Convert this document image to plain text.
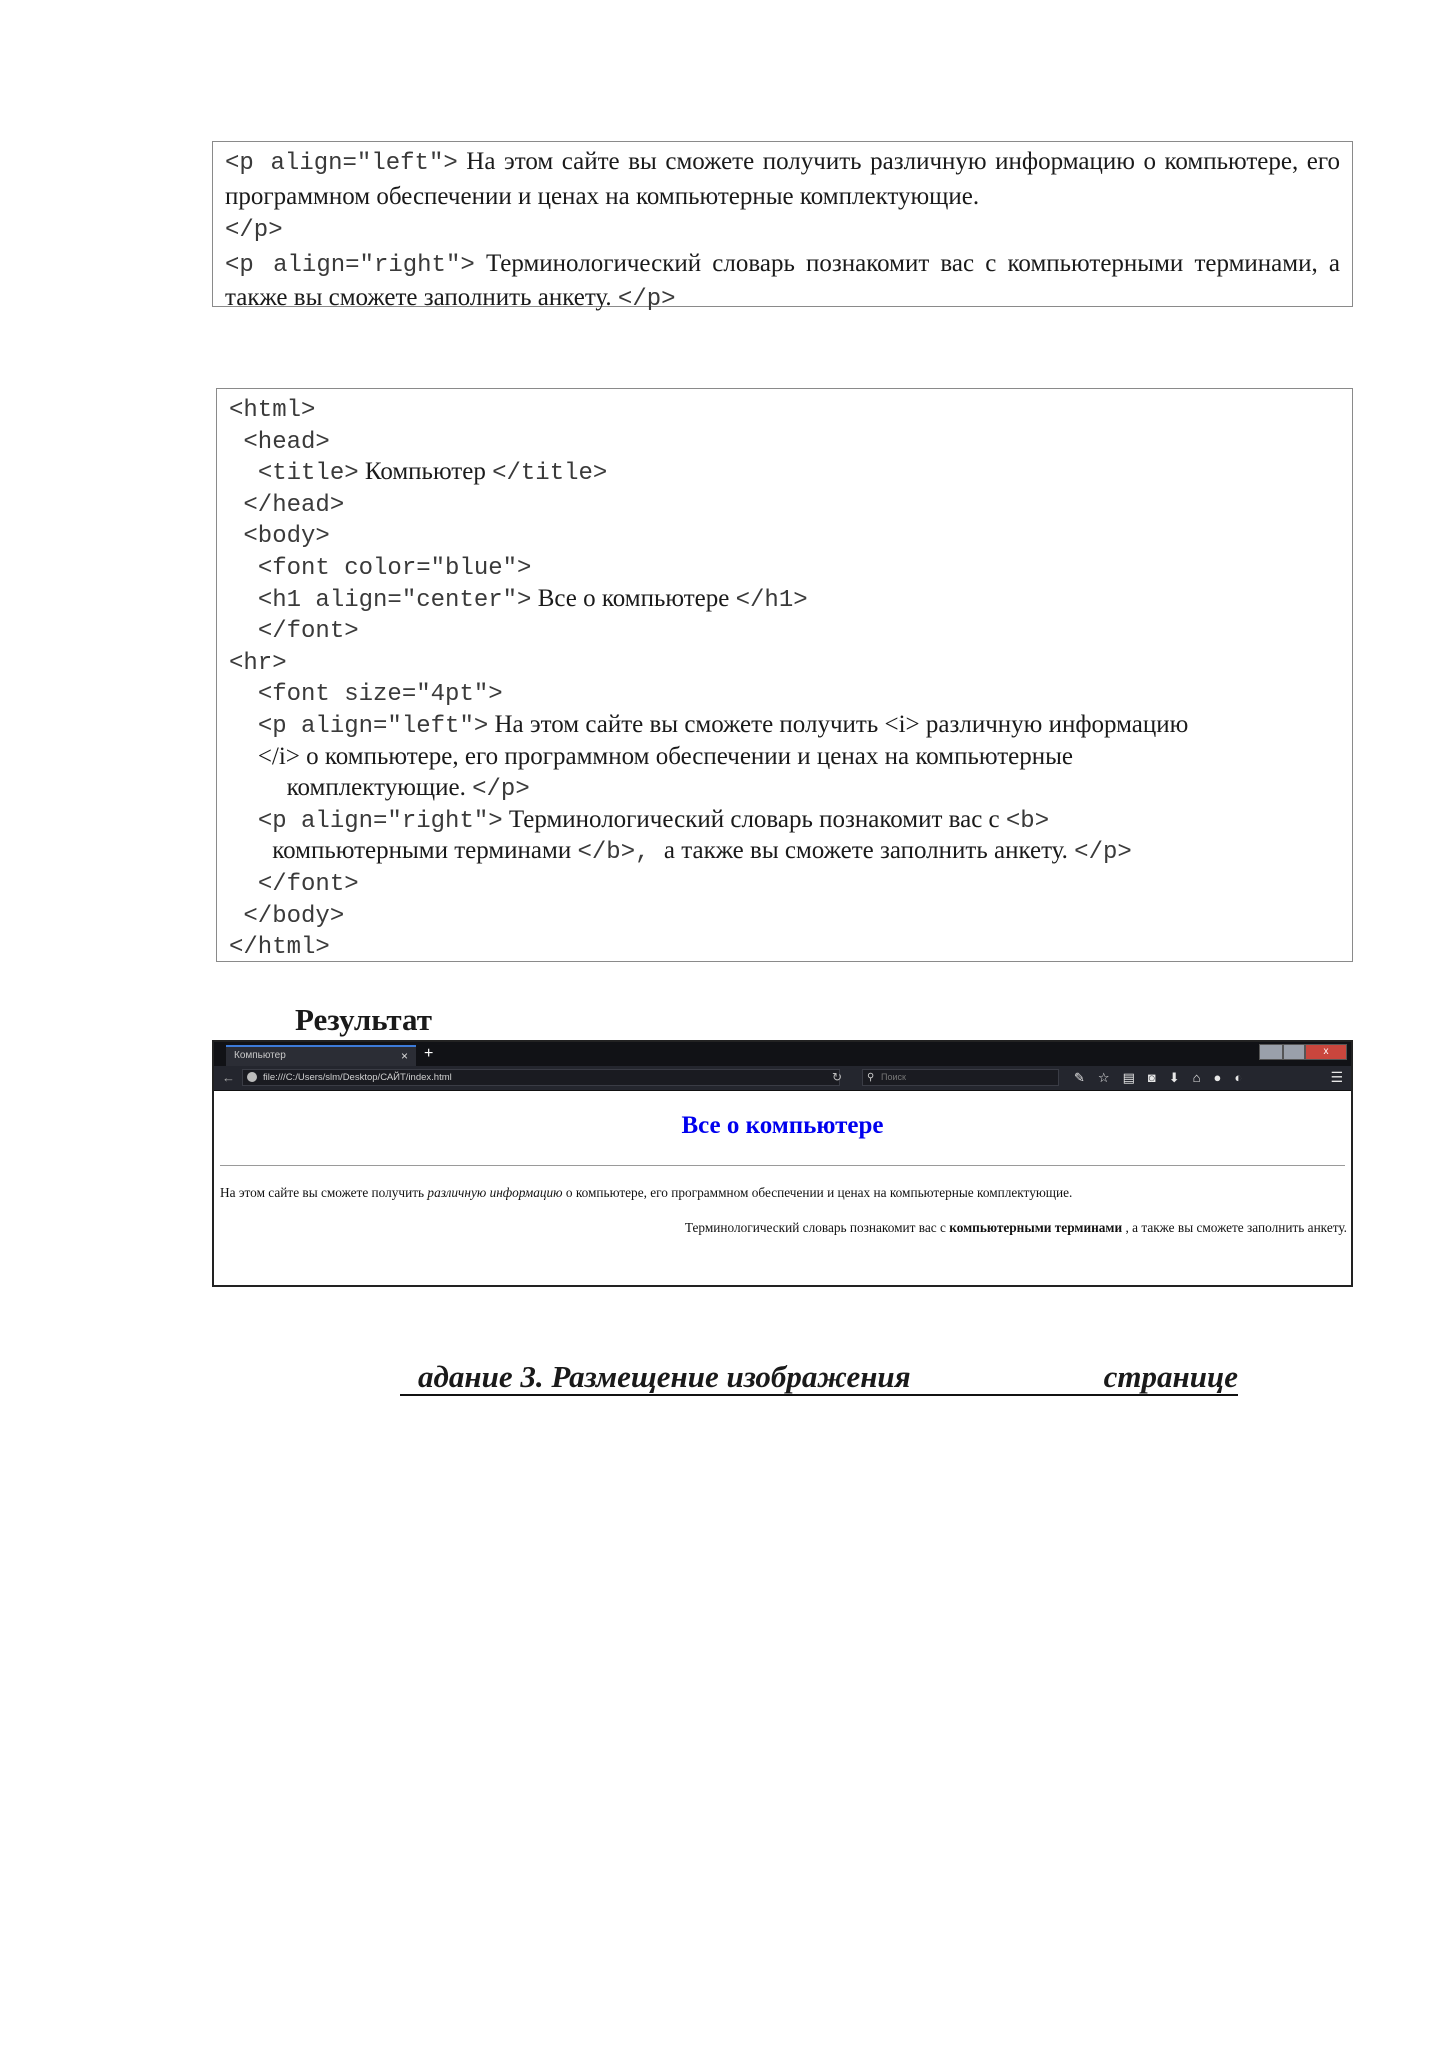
<p align="left"> На этом сайте вы сможете получить различную информацию о компьютере, его программном обеспечении и ценах на компьютерные комплектующие.
</p>

<p align="right"> Терминологический словарь познакомит вас с компьютерными терминами, а также вы сможете заполнить анкету. </p>

<html>
<head>
<title> Компьютер </title>
</head>
<body>
<font color="blue">
<h1 align="center"> Все о компьютере </h1>
</font>
<hr>
<font size="4pt">
<p align="left"> На этом сайте вы сможете получить <i> различную информацию
</i> о компьютере, его программном обеспечении и ценах на компьютерные
комплектующие. </p>
<p align="right"> Терминологический словарь познакомит вас с <b>
компьютерными терминами </b>, а также вы сможете заполнить анкету. </p>
</font>
</body>
</html>
Результат
Компьютер	× +	x
←	file:///C:/Users/slm/Desktop/САЙТ/index.html	↻ ⚲ Поиск	✎ ☆ ▤ ◙ ⬇ ⌂ ● ◐	☰
Все о компьютере

На этом сайте вы сможете получить различную информацию о компьютере, его программном обеспечении и ценах на компьютерные комплектующие.

Терминологический словарь познакомит вас с компьютерными терминами , а также вы сможете заполнить анкету.

адание 3. Размещение изображения	странице
